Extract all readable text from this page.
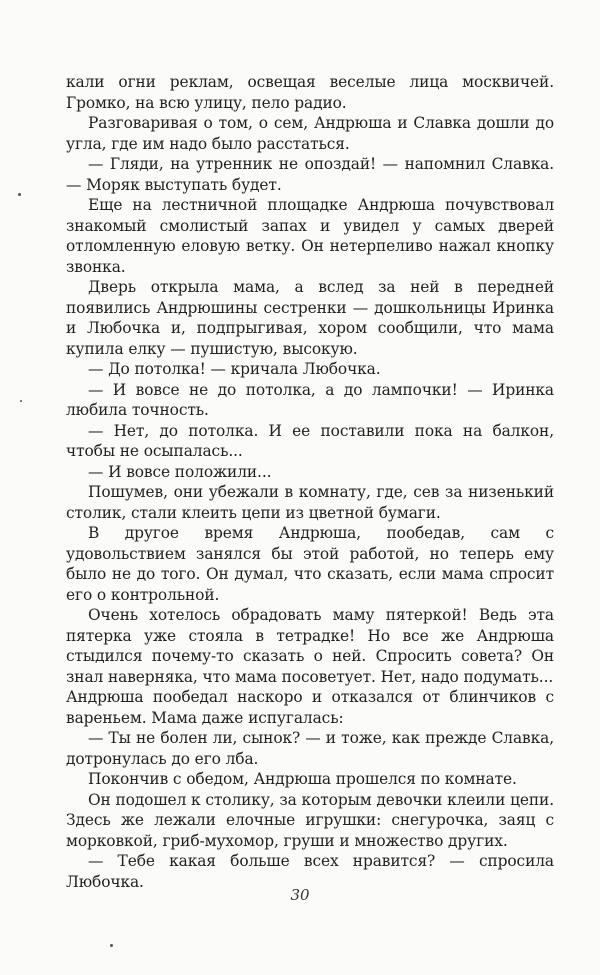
кали огни реклам, освещая веселые лица москвичей. Громко, на всю улицу, пело радио.

Разговаривая о том, о сем, Андрюша и Славка дошли до угла, где им надо было расстаться.

— Гляди, на утренник не опоздай! — напомнил Славка. — Моряк выступать будет.

Еще на лестничной площадке Андрюша почувствовал знакомый смолистый запах и увидел у самых дверей отломленную еловую ветку. Он нетерпеливо нажал кнопку звонка.

Дверь открыла мама, а вслед за ней в передней появились Андрюшины сестренки — дошкольницы Иринка и Любочка и, подпрыгивая, хором сообщили, что мама купила елку — пушистую, высокую.

— До потолка! — кричала Любочка.

— И вовсе не до потолка, а до лампочки! — Иринка любила точность.

— Нет, до потолка. И ее поставили пока на балкон, чтобы не осыпалась...

— И вовсе положили...

Пошумев, они убежали в комнату, где, сев за низенький столик, стали клеить цепи из цветной бумаги.

В другое время Андрюша, пообедав, сам с удовольствием занялся бы этой работой, но теперь ему было не до того. Он думал, что сказать, если мама спросит его о контрольной.

Очень хотелось обрадовать маму пятеркой! Ведь эта пятерка уже стояла в тетрадке! Но все же Андрюша стыдился почему-то сказать о ней. Спросить совета? Он знал наверняка, что мама посоветует. Нет, надо подумать...

Андрюша пообедал наскоро и отказался от блинчиков с вареньем. Мама даже испугалась:

— Ты не болен ли, сынок? — и тоже, как прежде Славка, дотронулась до его лба.

Покончив с обедом, Андрюша прошелся по комнате.

Он подошел к столику, за которым девочки клеили цепи. Здесь же лежали елочные игрушки: снегурочка, заяц с морковкой, гриб-мухомор, груши и множество других.

— Тебе какая больше всех нравится? — спросила Любочка.

30
